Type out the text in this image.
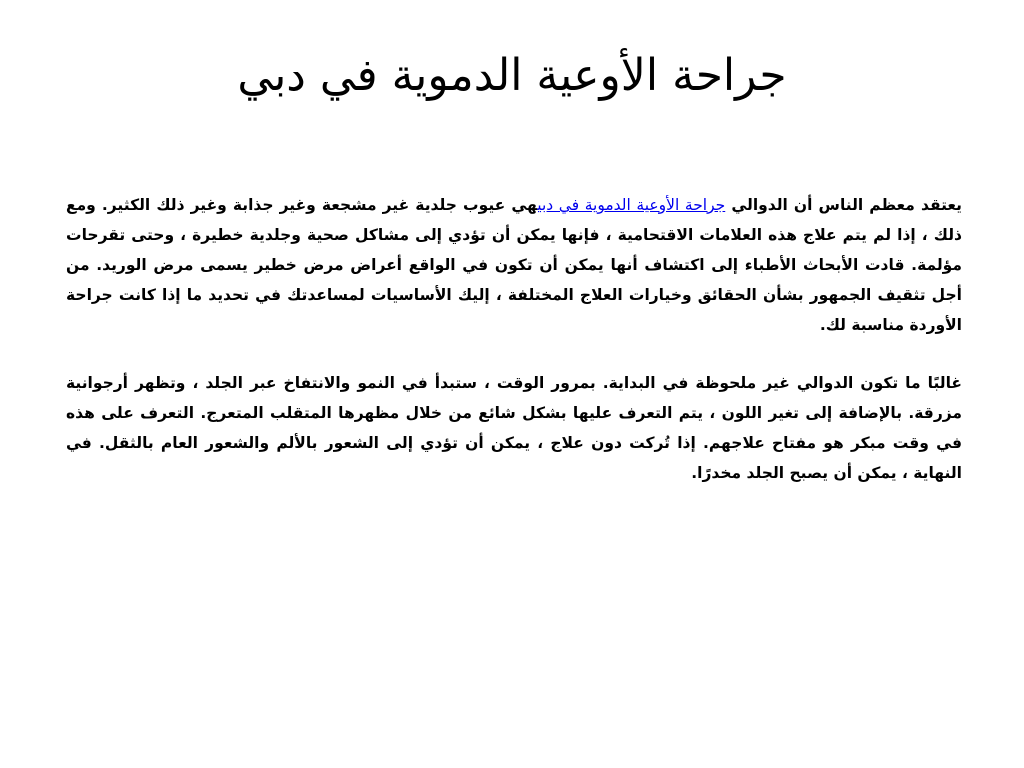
جراحة الأوعية الدموية في دبي

يعتقد معظم الناس أن الدوالي جراحة الأوعية الدموية في دبيهي عيوب جلدية غير مشجعة وغير جذابة وغير ذلك الكثير. ومع ذلك ، إذا لم يتم علاج هذه العلامات الاقتحامية ، فإنها يمكن أن تؤدي إلى مشاكل صحية وجلدية خطيرة ، وحتى تقرحات مؤلمة. قادت الأبحاث الأطباء إلى اكتشاف أنها يمكن أن تكون في الواقع أعراض مرض خطير يسمى مرض الوريد. من أجل تثقيف الجمهور بشأن الحقائق وخيارات العلاج المختلفة ، إليك الأساسيات لمساعدتك في تحديد ما إذا كانت جراحة الأوردة مناسبة لك.

غالبًا ما تكون الدوالي غير ملحوظة في البداية. بمرور الوقت ، ستبدأ في النمو والانتفاخ عبر الجلد ، وتظهر أرجوانية مزرقة. بالإضافة إلى تغير اللون ، يتم التعرف عليها بشكل شائع من خلال مظهرها المتقلب المتعرج. التعرف على هذه في وقت مبكر هو مفتاح علاجهم. إذا تُركت دون علاج ، يمكن أن تؤدي إلى الشعور بالألم والشعور العام بالثقل. في النهاية ، يمكن أن يصبح الجلد مخدرًا.
